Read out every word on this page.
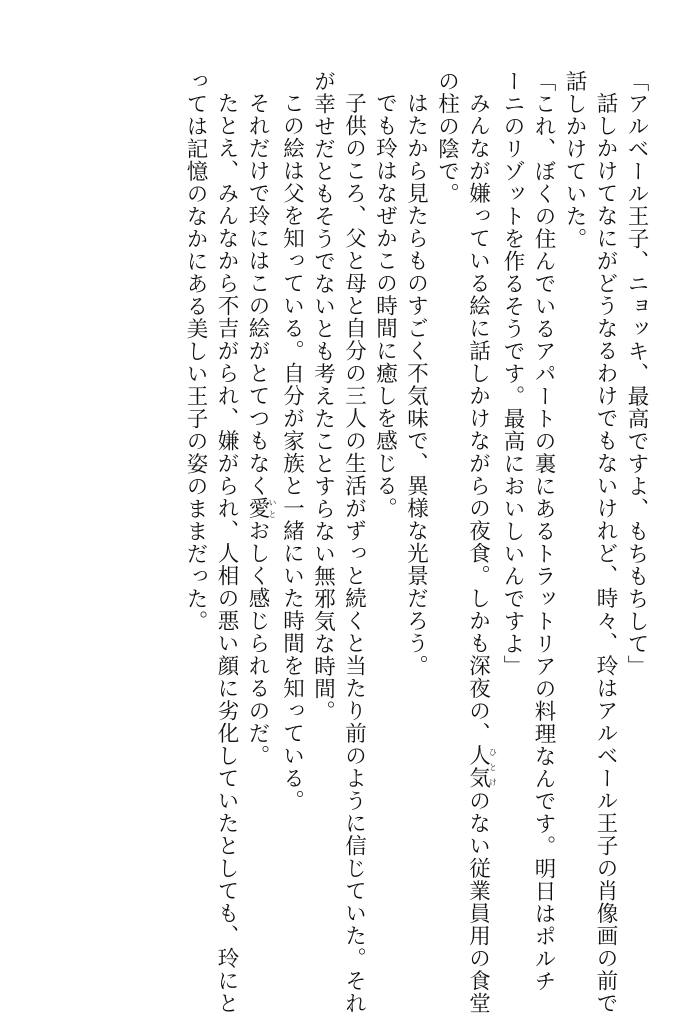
「アルベール王子、ニョッキ、最高ですよ、もちもちして」
話しかけてなにがどうなるわけでもないけれど、時々、玲はアルベール王子の肖像画の前で
話しかけていた。
「これ、ぼくの住んでいるアパートの裏にあるトラットリアの料理なんです。明日はポルチ
ーニのリゾットを作るそうです。最高においしいんですよ」
みんなが嫌っている絵に話しかけながらの夜食。しかも深夜の、人気ひとけのない従業員用の食堂
の柱の陰で。
はたから見たらものすごく不気味で、異様な光景だろう。
でも玲はなぜかこの時間に癒しを感じる。
子供のころ、父と母と自分の三人の生活がずっと続くと当たり前のように信じていた。それ
が幸せだともそうでないとも考えたことすらない無邪気な時間。
この絵は父を知っている。自分が家族と一緒にいた時間を知っている。
それだけで玲にはこの絵がとてつもなく愛いとおしく感じられるのだ。
たとえ、みんなから不吉がられ、嫌がられ、人相の悪い顔に劣化していたとしても、玲にと
っては記憶のなかにある美しい王子の姿のままだった。
